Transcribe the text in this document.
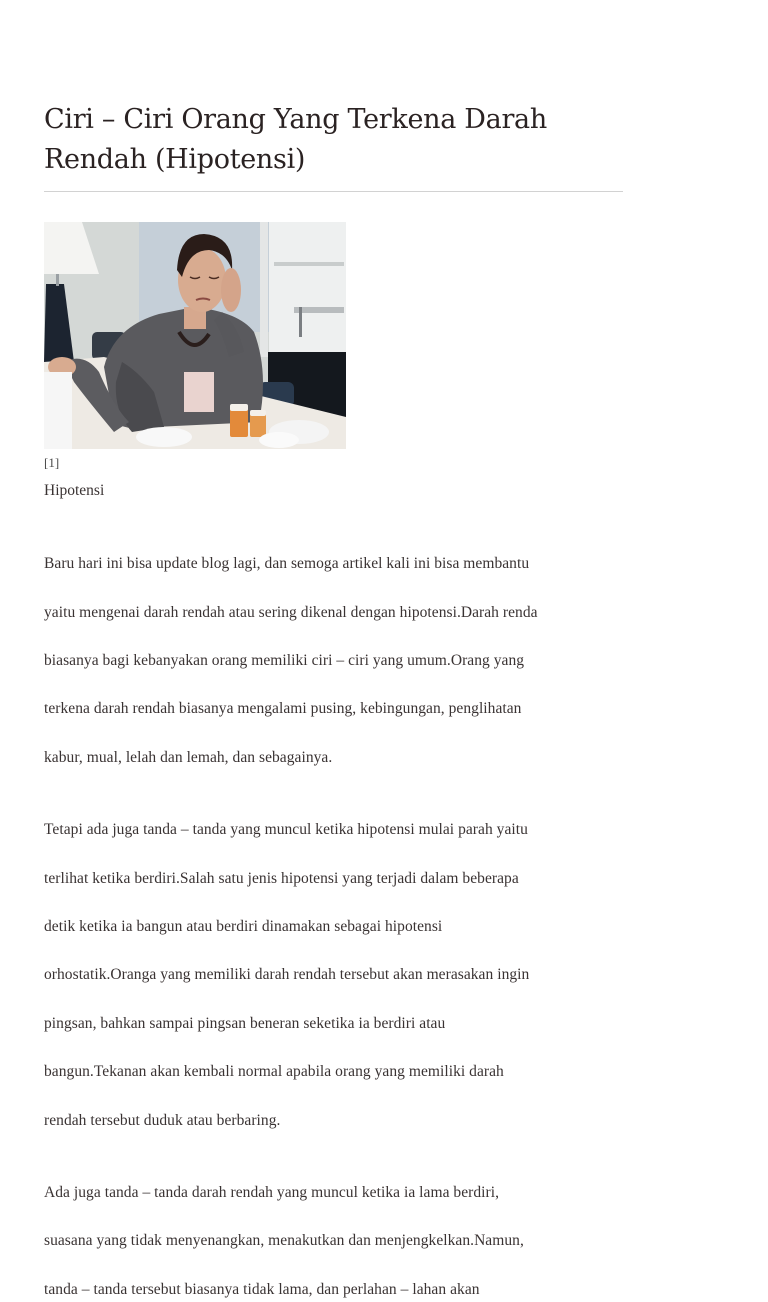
Ciri – Ciri Orang Yang Terkena Darah
Rendah (Hipotensi)
[1]
Hipotensi

Baru hari ini bisa update blog lagi, dan semoga artikel kali ini bisa membantu

yaitu mengenai darah rendah atau sering dikenal dengan hipotensi.Darah renda

biasanya bagi kebanyakan orang memiliki ciri – ciri yang umum.Orang yang

terkena darah rendah biasanya mengalami pusing, kebingungan, penglihatan

kabur, mual, lelah dan lemah, dan sebagainya.

Tetapi ada juga tanda – tanda yang muncul ketika hipotensi mulai parah yaitu

terlihat ketika berdiri.Salah satu jenis hipotensi yang terjadi dalam beberapa

detik ketika ia bangun atau berdiri dinamakan sebagai hipotensi

orhostatik.Oranga yang memiliki darah rendah tersebut akan merasakan ingin

pingsan, bahkan sampai pingsan beneran seketika ia berdiri atau

bangun.Tekanan akan kembali normal apabila orang yang memiliki darah

rendah tersebut duduk atau berbaring.

Ada juga tanda – tanda darah rendah yang muncul ketika ia lama berdiri,

suasana yang tidak menyenangkan, menakutkan dan menjengkelkan.Namun,

tanda – tanda tersebut biasanya tidak lama, dan perlahan – lahan akan
